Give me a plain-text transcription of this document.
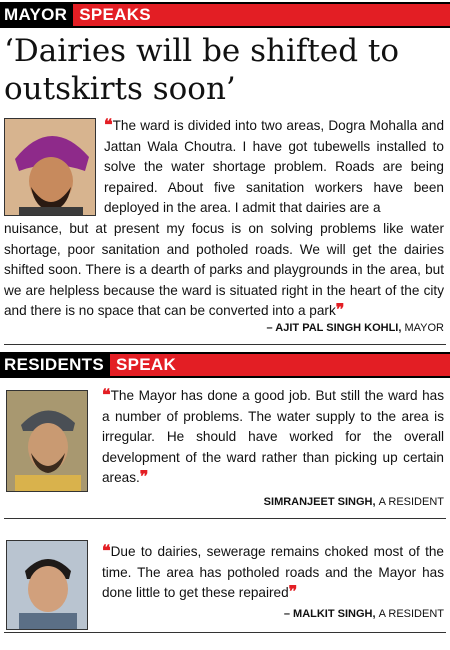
MAYOR SPEAKS
‘Dairies will be shifted to outskirts soon’
❝The ward is divided into two areas, Dogra Mohalla and Jattan Wala Choutra. I have got tubewells installed to solve the water shortage problem. Roads are being repaired. About five sanitation workers have been deployed in the area. I admit that dairies are a
nuisance, but at present my focus is on solving problems like water shortage, poor sanitation and potholed roads. We will get the dairies shifted soon. There is a dearth of parks and playgrounds in the area, but we are helpless because the ward is situated right in the heart of the city and there is no space that can be converted into a park❞
– AJIT PAL SINGH KOHLI, MAYOR
RESIDENTS SPEAK
❝The Mayor has done a good job. But still the ward has a number of problems. The water supply to the area is irregular. He should have worked for the overall development of the ward rather than picking up certain areas.❞
SIMRANJEET SINGH, A RESIDENT
❝Due to dairies, sewerage remains choked most of the time. The area has potholed roads and the Mayor has done little to get these repaired❞
– MALKIT SINGH, A RESIDENT
